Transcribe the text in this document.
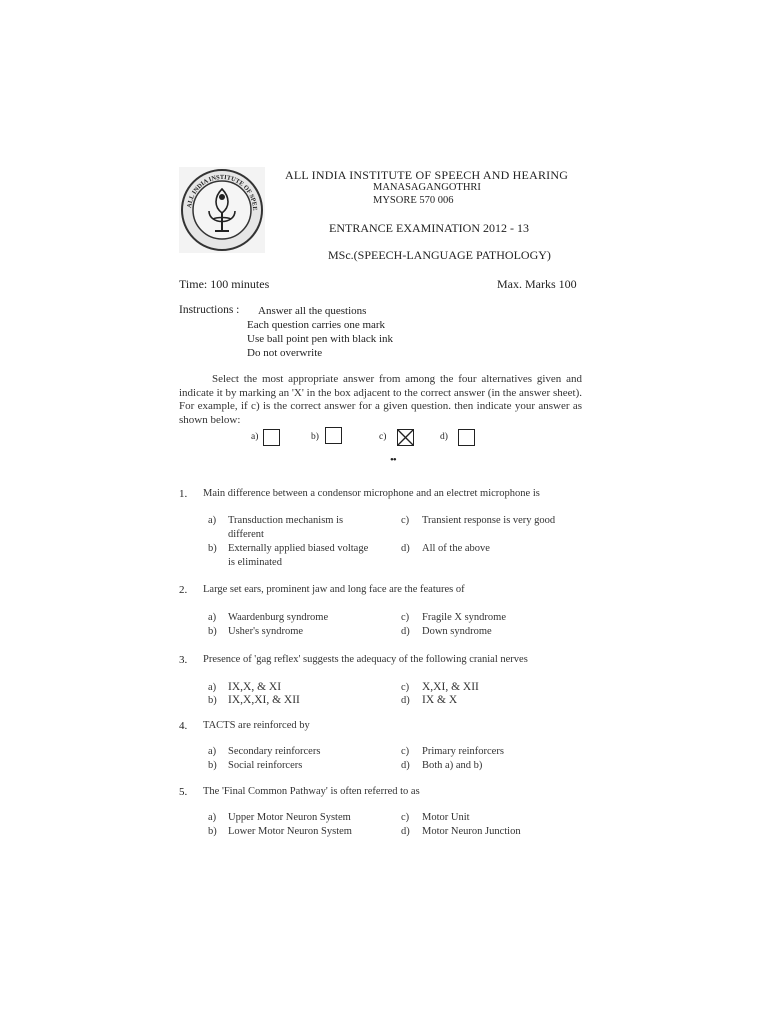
ALL INDIA INSTITUTE OF SPEE
ALL INDIA INSTITUTE OF SPEECH AND HEARING
MANASAGANGOTHRI
MYSORE 570 006
ENTRANCE EXAMINATION 2012 - 13
MSc.(SPEECH-LANGUAGE PATHOLOGY)
Time: 100 minutes	Max. Marks 100
Instructions : Answer all the questions
Each question carries one mark
Use ball point pen with black ink
Do not overwrite
Select the most appropriate answer from among the four alternatives given and indicate it by marking an 'X' in the box adjacent to the correct answer (in the answer sheet). For example, if c) is the correct answer for a given question. then indicate your answer as shown below:
a)	b)	c)	d)
••
1. Main difference between a condensor microphone and an electret microphone is
a) Transduction mechanism is
different
b) Externally applied biased voltage
is eliminated
c) Transient response is very good
d) All of the above
2. Large set ears, prominent jaw and long face are the features of
a) Waardenburg syndrome
b) Usher's syndrome
c) Fragile X syndrome
d) Down syndrome
3. Presence of 'gag reflex' suggests the adequacy of the following cranial nerves
a) IX,X, & XI
b) IX,X,XI, & XII
c) X,XI, & XII
d) IX & X
4. TACTS are reinforced by
a) Secondary reinforcers
b) Social reinforcers
c) Primary reinforcers
d) Both a) and b)
5. The 'Final Common Pathway' is often referred to as
a) Upper Motor Neuron System
b) Lower Motor Neuron System
c) Motor Unit
d) Motor Neuron Junction
